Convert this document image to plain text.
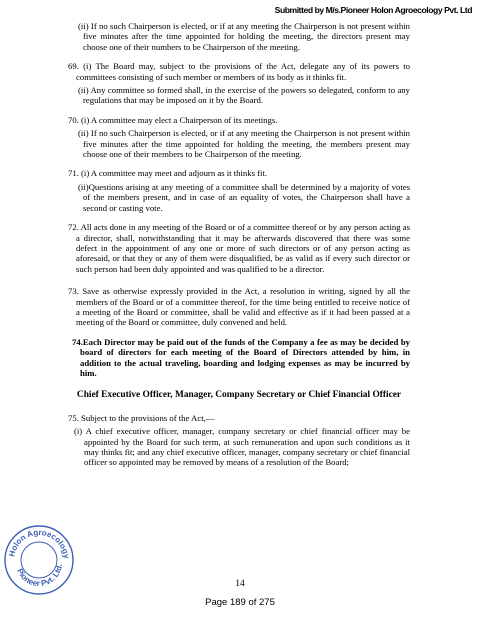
Submitted by M/s.Pioneer Holon Agroecology Pvt. Ltd

(ii) If no such Chairperson is elected, or if at any meeting the Chairperson is not present within five minutes after the time appointed for holding the meeting, the directors present may choose one of their numbers to be Chairperson of the meeting.

69. (i) The Board may, subject to the provisions of the Act, delegate any of its powers to committees consisting of such member or members of its body as it thinks fit.

(ii) Any committee so formed shall, in the exercise of the powers so delegated, conform to any regulations that may be imposed on it by the Board.

70. (i) A committee may elect a Chairperson of its meetings.

(ii) If no such Chairperson is elected, or if at any meeting the Chairperson is not present within five minutes after the time appointed for holding the meeting, the members present may choose one of their members to be Chairperson of the meeting.

71. (i) A committee may meet and adjourn as it thinks fit.

(ii)Questions arising at any meeting of a committee shall be determined by a majority of votes of the members present, and in case of an equality of votes, the Chairperson shall have a second or casting vote.

72. All acts done in any meeting of the Board or of a committee thereof or by any person acting as a director, shall, notwithstanding that it may be afterwards discovered that there was some defect in the appointment of any one or more of such directors or of any person acting as aforesaid, or that they or any of them were disqualified, be as valid as if every such director or such person had been duly appointed and was qualified to be a director.

73. Save as otherwise expressly provided in the Act, a resolution in writing, signed by all the members of the Board or of a committee thereof, for the time being entitled to receive notice of a meeting of the Board or committee, shall be valid and effective as if it had been passed at a meeting of the Board or committee, duly convened and held.

74.Each Director may be paid out of the funds of the Company a fee as may be decided by board of directors for each meeting of the Board of Directors attended by him, in addition to the actual traveling, boarding and lodging expenses as may be incurred by him.

Chief Executive Officer, Manager, Company Secretary or Chief Financial Officer

75. Subject to the provisions of the Act,—

(i) A chief executive officer, manager, company secretary or chief financial officer may be appointed by the Board for such term, at such remuneration and upon such conditions as it may thinks fit; and any chief executive officer, manager, company secretary or chief financial officer so appointed may be removed by means of a resolution of the Board;

Holon Agroecology
Pioneer Pvt. Ltd.
14
Page 189 of 275
